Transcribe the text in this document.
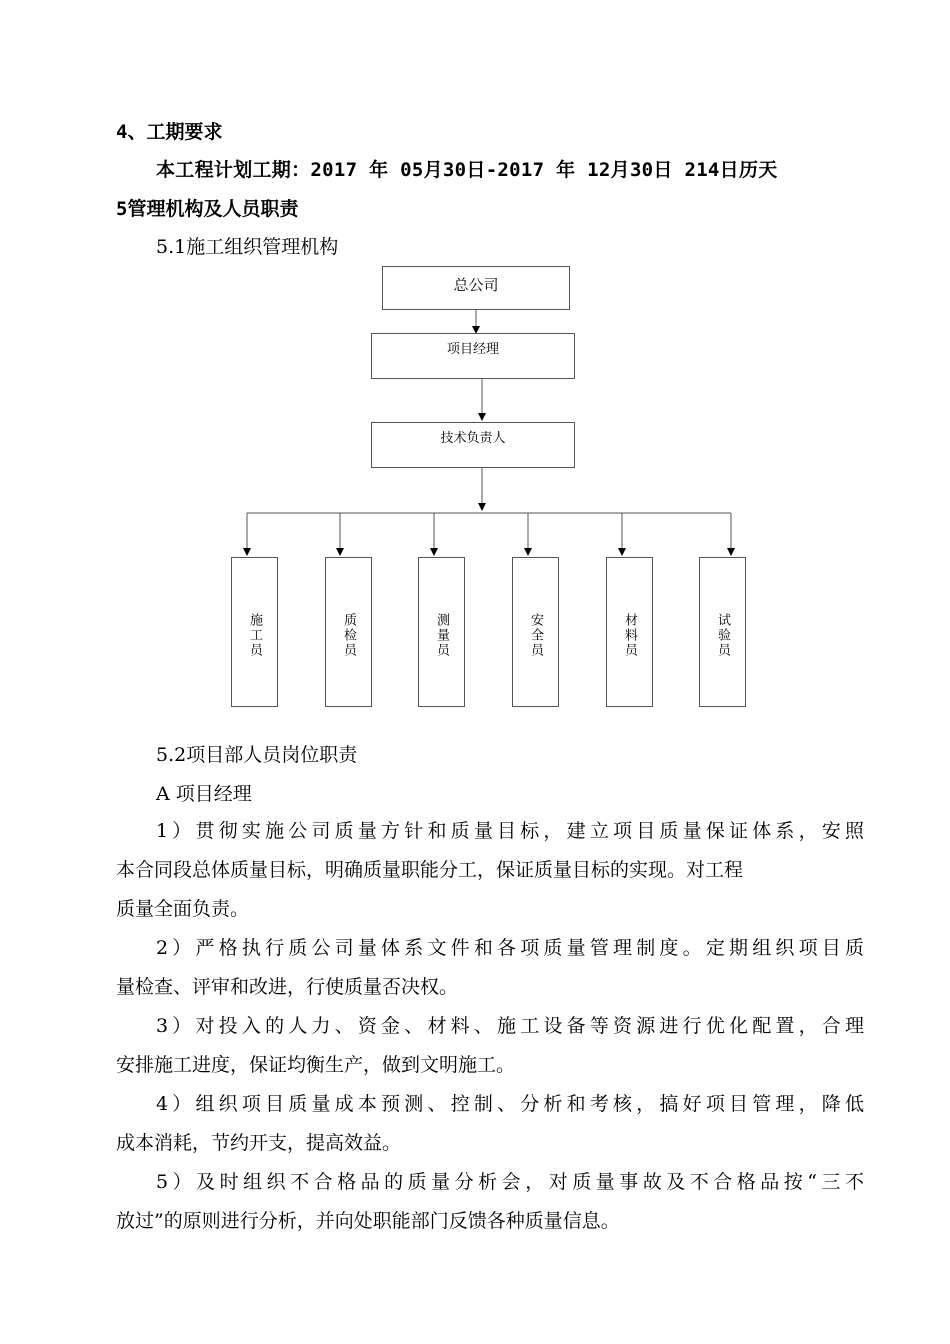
4、工期要求
本工程计划工期：2017 年 05月30日-2017 年 12月30日 214日历天
5管理机构及人员职责
5.1施工组织管理机构
总公司
项目经理
技术负责人
施工员	质检员	测量员	安全员	材料员	试验员
5.2项目部人员岗位职责
A 项目经理
1）贯彻实施公司质量方针和质量目标，建立项目质量保证体系，安照
本合同段总体质量目标，明确质量职能分工，保证质量目标的实现。对工程
质量全面负责。
2）严格执行质公司量体系文件和各项质量管理制度。定期组织项目质
量检查、评审和改进，行使质量否决权。
3）对投入的人力、资金、材料、施工设备等资源进行优化配置，合理
安排施工进度，保证均衡生产，做到文明施工。
4）组织项目质量成本预测、控制、分析和考核，搞好项目管理，降低
成本消耗，节约开支，提高效益。
5）及时组织不合格品的质量分析会，对质量事故及不合格品按“三不
放过”的原则进行分析，并向处职能部门反馈各种质量信息。
